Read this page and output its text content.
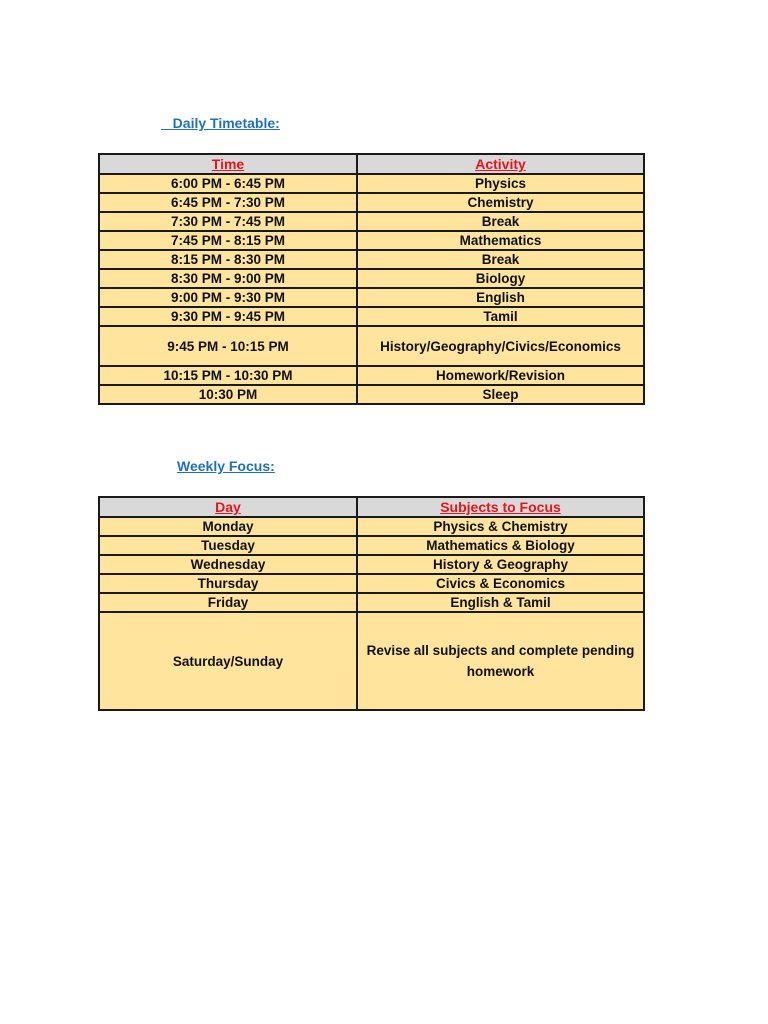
Daily Timetable:
Time	Activity
6:00 PM - 6:45 PM	Physics
6:45 PM - 7:30 PM	Chemistry
7:30 PM - 7:45 PM	Break
7:45 PM - 8:15 PM	Mathematics
8:15 PM - 8:30 PM	Break
8:30 PM - 9:00 PM	Biology
9:00 PM - 9:30 PM	English
9:30 PM - 9:45 PM	Tamil
9:45 PM - 10:15 PM	History/Geography/Civics/Economics
10:15 PM - 10:30 PM	Homework/Revision
10:30 PM	Sleep
Weekly Focus:
Day	Subjects to Focus
Monday	Physics & Chemistry
Tuesday	Mathematics & Biology
Wednesday	History & Geography
Thursday	Civics & Economics
Friday	English & Tamil
Saturday/Sunday	Revise all subjects and complete pending homework
